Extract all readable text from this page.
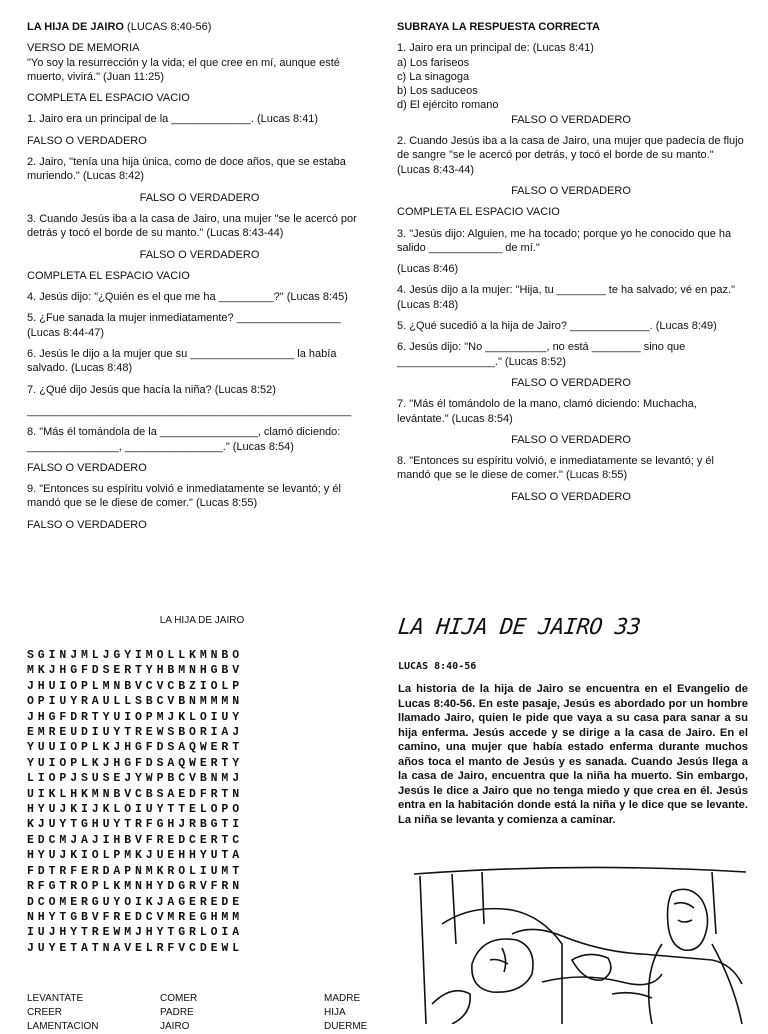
LA HIJA DE JAIRO (LUCAS 8:40-56)

VERSO DE MEMORIA

"Yo soy la resurrección y la vida; el que cree en mí, aunque esté muerto, vivirá." (Juan 11:25)

COMPLETA EL ESPACIO VACIO

1. Jairo era un principal de la _____________. (Lucas 8:41)

FALSO O VERDADERO

2. Jairo, "tenía una hija única, como de doce años, que se estaba muriendo." (Lucas 8:42)

FALSO O VERDADERO

3. Cuando Jesús iba a la casa de Jairo, una mujer "se le acercó por detrás y tocó el borde de su manto." (Lucas 8:43-44)

FALSO O VERDADERO

COMPLETA EL ESPACIO VACIO

4. Jesús dijo: "¿Quién es el que me ha _________?" (Lucas 8:45)

5. ¿Fue sanada la mujer inmediatamente? _________________ (Lucas 8:44-47)

6. Jesús le dijo a la mujer que su _________________ la había salvado. (Lucas 8:48)

7. ¿Qué dijo Jesús que hacía la niña? (Lucas 8:52)

_____________________________________________________

8. "Más él tomándola de la ________________, clamó diciendo: _______________, ________________." (Lucas 8:54)

FALSO O VERDADERO

9. "Entonces su espíritu volvió e inmediatamente se levantó; y él mandó que se le diese de comer." (Lucas 8:55)

FALSO O VERDADERO

SUBRAYA LA RESPUESTA CORRECTA

1. Jairo era un principal de: (Lucas 8:41)
a) Los fariseos
c) La sinagoga
b) Los saduceos
d) El ejército romano

FALSO O VERDADERO

2. Cuando Jesús iba a la casa de Jairo, una mujer que padecía de flujo de sangre "se le acercó por detrás, y tocó el borde de su manto." (Lucas 8:43-44)

FALSO O VERDADERO

COMPLETA EL ESPACIO VACIO

3. "Jesús dijo: Alguien, me ha tocado; porque yo he conocido que ha salido ____________ de mí."

(Lucas 8:46)

4. Jesús dijo a la mujer: "Hija, tu ________ te ha salvado; vé en paz." (Lucas 8:48)

5. ¿Qué sucedió a la hija de Jairo? _____________. (Lucas 8:49)

6. Jesús dijo: "No __________, no está ________ sino que ________________." (Lucas 8:52)

FALSO O VERDADERO

7. "Más él tomándolo de la mano, clamó diciendo: Muchacha, levántate." (Lucas 8:54)

FALSO O VERDADERO

8. "Entonces su espíritu volvió, e inmediatamente se levantó; y él mandó que se le diese de comer." (Lucas 8:55)

FALSO O VERDADERO

LA HIJA DE JAIRO
SGINJMLJGYIMOLLKMNBO
MKJHGFDSERTYHBMNHGBV
JHUIOPLMNBVCVCBZIOLP
OPIUYRAULLSBCVBNMMMN
JHGFDRTYUIOPMJKLOIUY
EMREUDIUYTREWSBORIAJ
YUUIOPLKJHGFDSAQWERT
YUIOPLKJHGFDSAQWERTY
LIOPJSUSEJYWPBCVBNMJ
UIKLHKMNBVCBSAEDFRTN
HYUJKIJKLOIUYTTELOPO
KJUYTGHUYTRFGHJRBGTI
EDCMJAJIHBVFREDCERTC
HYUJKIOLPMKJUEHHYUTA
FDTRFERDAPNMKROLIUMT
RFGTROPLKMNHYDGRVFRN
DCOMERGUYOIKJAGEREDE
NHYTGBVFREDCVMREGHMM
IUJHYTREWMJHYTGRLOIA
JUYETATNAVELRFVCDEWL
LEVANTATE	COMER	MADRE
CREER	PADRE	HIJA
LAMENTACION	JAIRO	DUERME
LA HIJA DE JAIRO 33
LUCAS 8:40-56
La historia de la hija de Jairo se encuentra en el Evangelio de Lucas 8:40-56. En este pasaje, Jesús es abordado por un hombre llamado Jairo, quien le pide que vaya a su casa para sanar a su hija enferma. Jesús accede y se dirige a la casa de Jairo. En el camino, una mujer que había estado enferma durante muchos años toca el manto de Jesús y es sanada. Cuando Jesús llega a la casa de Jairo, encuentra que la niña ha muerto. Sin embargo, Jesús le dice a Jairo que no tenga miedo y que crea en él. Jesús entra en la habitación donde está la niña y le dice que se levante. La niña se levanta y comienza a caminar.
